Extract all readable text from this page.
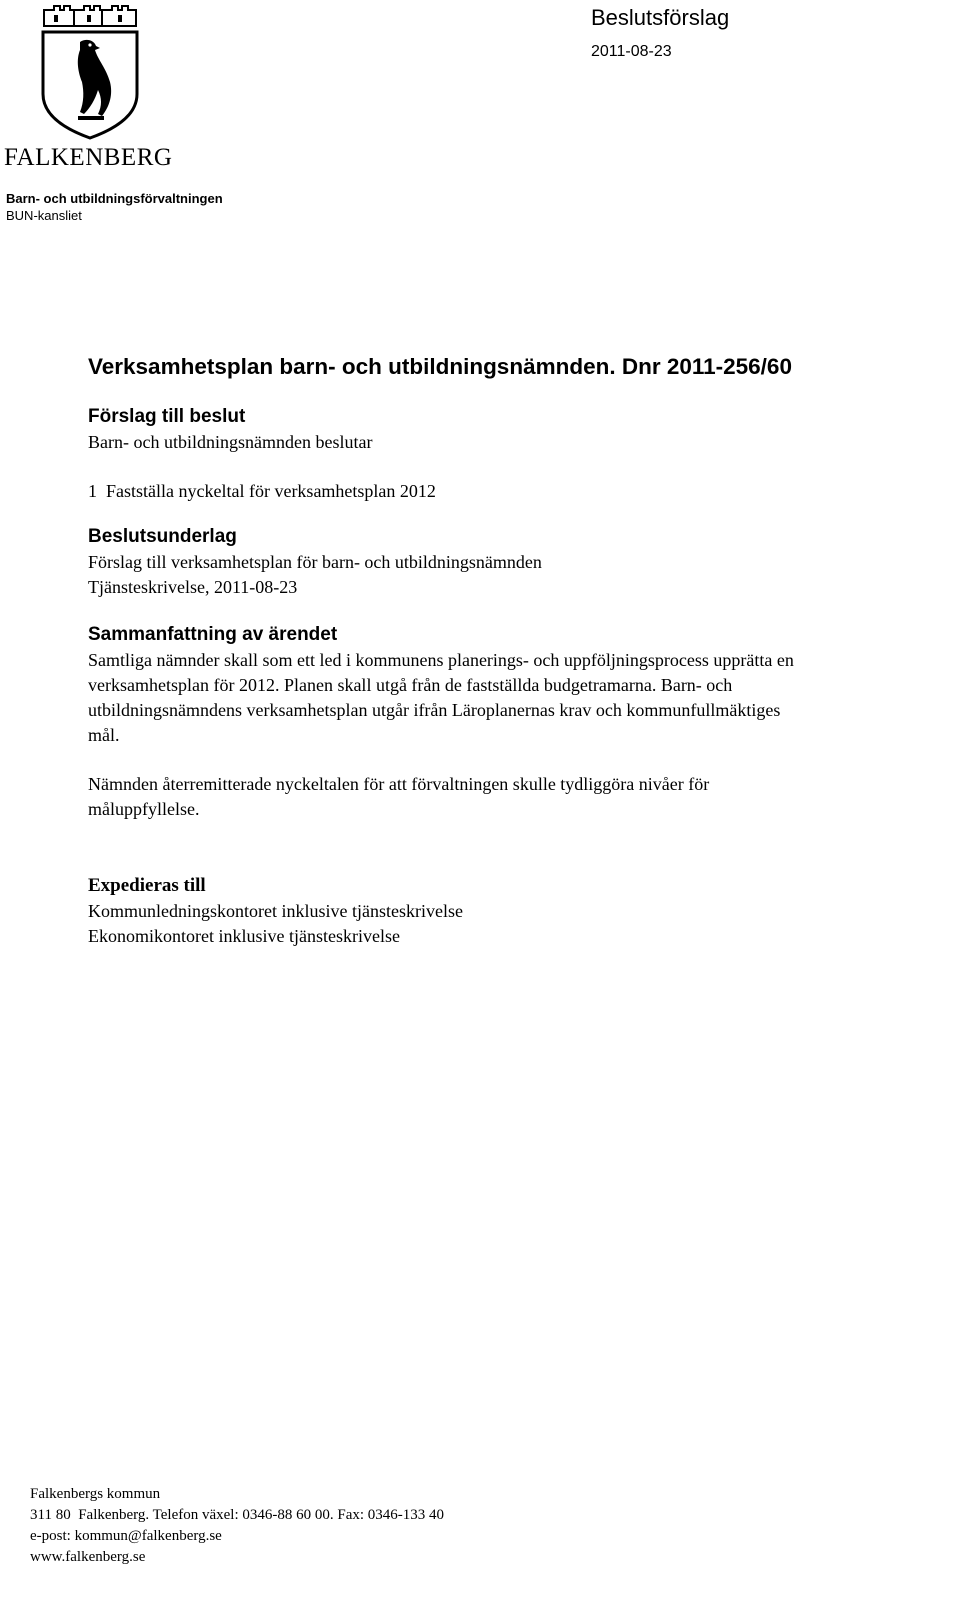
FALKENBERG
Barn- och utbildningsförvaltningen
BUN-kansliet
Beslutsförslag
2011-08-23
Verksamhetsplan barn- och utbildningsnämnden. Dnr 2011-256/60
Förslag till beslut
Barn- och utbildningsnämnden beslutar
1  Fastställa nyckeltal för verksamhetsplan 2012
Beslutsunderlag
Förslag till verksamhetsplan för barn- och utbildningsnämnden
Tjänsteskrivelse, 2011-08-23
Sammanfattning av ärendet
Samtliga nämnder skall som ett led i kommunens planerings- och uppföljningsprocess upprätta en
verksamhetsplan för 2012. Planen skall utgå från de fastställda budgetramarna. Barn- och
utbildningsnämndens verksamhetsplan utgår ifrån Läroplanernas krav och kommunfullmäktiges
mål.
Nämnden återremitterade nyckeltalen för att förvaltningen skulle tydliggöra nivåer för
måluppfyllelse.
Expedieras till
Kommunledningskontoret inklusive tjänsteskrivelse
Ekonomikontoret inklusive tjänsteskrivelse
Falkenbergs kommun
311 80  Falkenberg. Telefon växel: 0346-88 60 00. Fax: 0346-133 40
e-post: kommun@falkenberg.se
www.falkenberg.se
